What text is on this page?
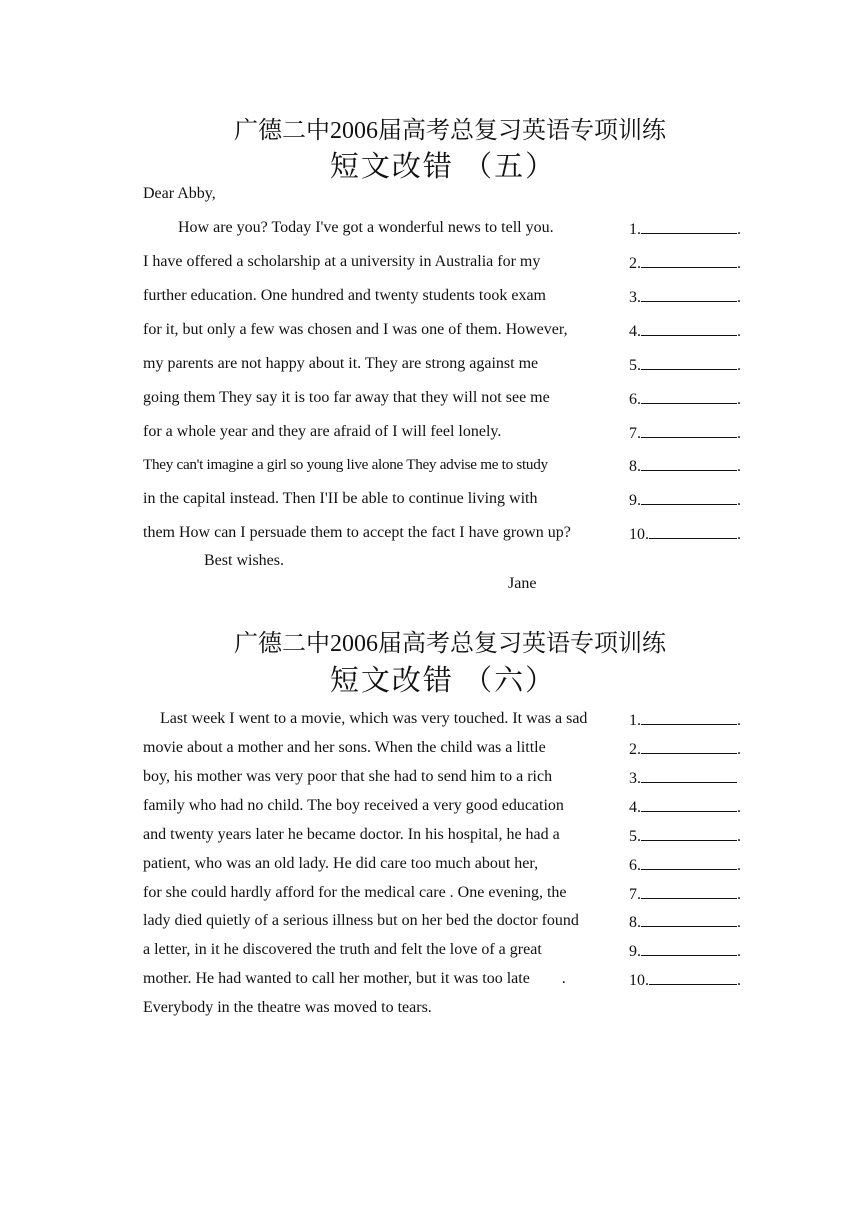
广德二中2006届高考总复习英语专项训练
短文改错 （五）
Dear Abby,
How are you? Today I've got a wonderful news to tell you.
I have offered a scholarship at a university in Australia for my
further education. One hundred and twenty students took exam
for it, but only a few was chosen and I was one of them. However,
my parents are not happy about it. They are strong against me
going them They say it is too far away that they will not see me
for a whole year and they are afraid of I will feel lonely.
They can't imagine a girl so young live alone They advise me to study
in the capital instead. Then I'II be able to continue living with
them How can I persuade them to accept the fact I have grown up?
1.	.
2.	.
3.	.
4.	.
5.	.
6.	.
7.	.
8.	.
9.	.
10.	.
Best wishes.
Jane
广德二中2006届高考总复习英语专项训练
短文改错 （六）
Last week I went to a movie, which was very touched. It was a sad
movie about a mother and her sons. When the child was a little
boy, his mother was very poor that she had to send him to a rich
family who had no child. The boy received a very good education
and twenty years later he became doctor. In his hospital, he had a
patient, who was an old lady. He did care too much about her,
for she could hardly afford for the medical care . One evening, the
lady died quietly of a serious illness but on her bed the doctor found
a letter, in it he discovered the truth and felt the love of a great
mother. He had wanted to call her mother, but it was too late        .
Everybody in the theatre was moved to tears.
1.	.
2.	.
3.
4.	.
5.	.
6.	.
7.	.
8.	.
9.	.
10.	.
